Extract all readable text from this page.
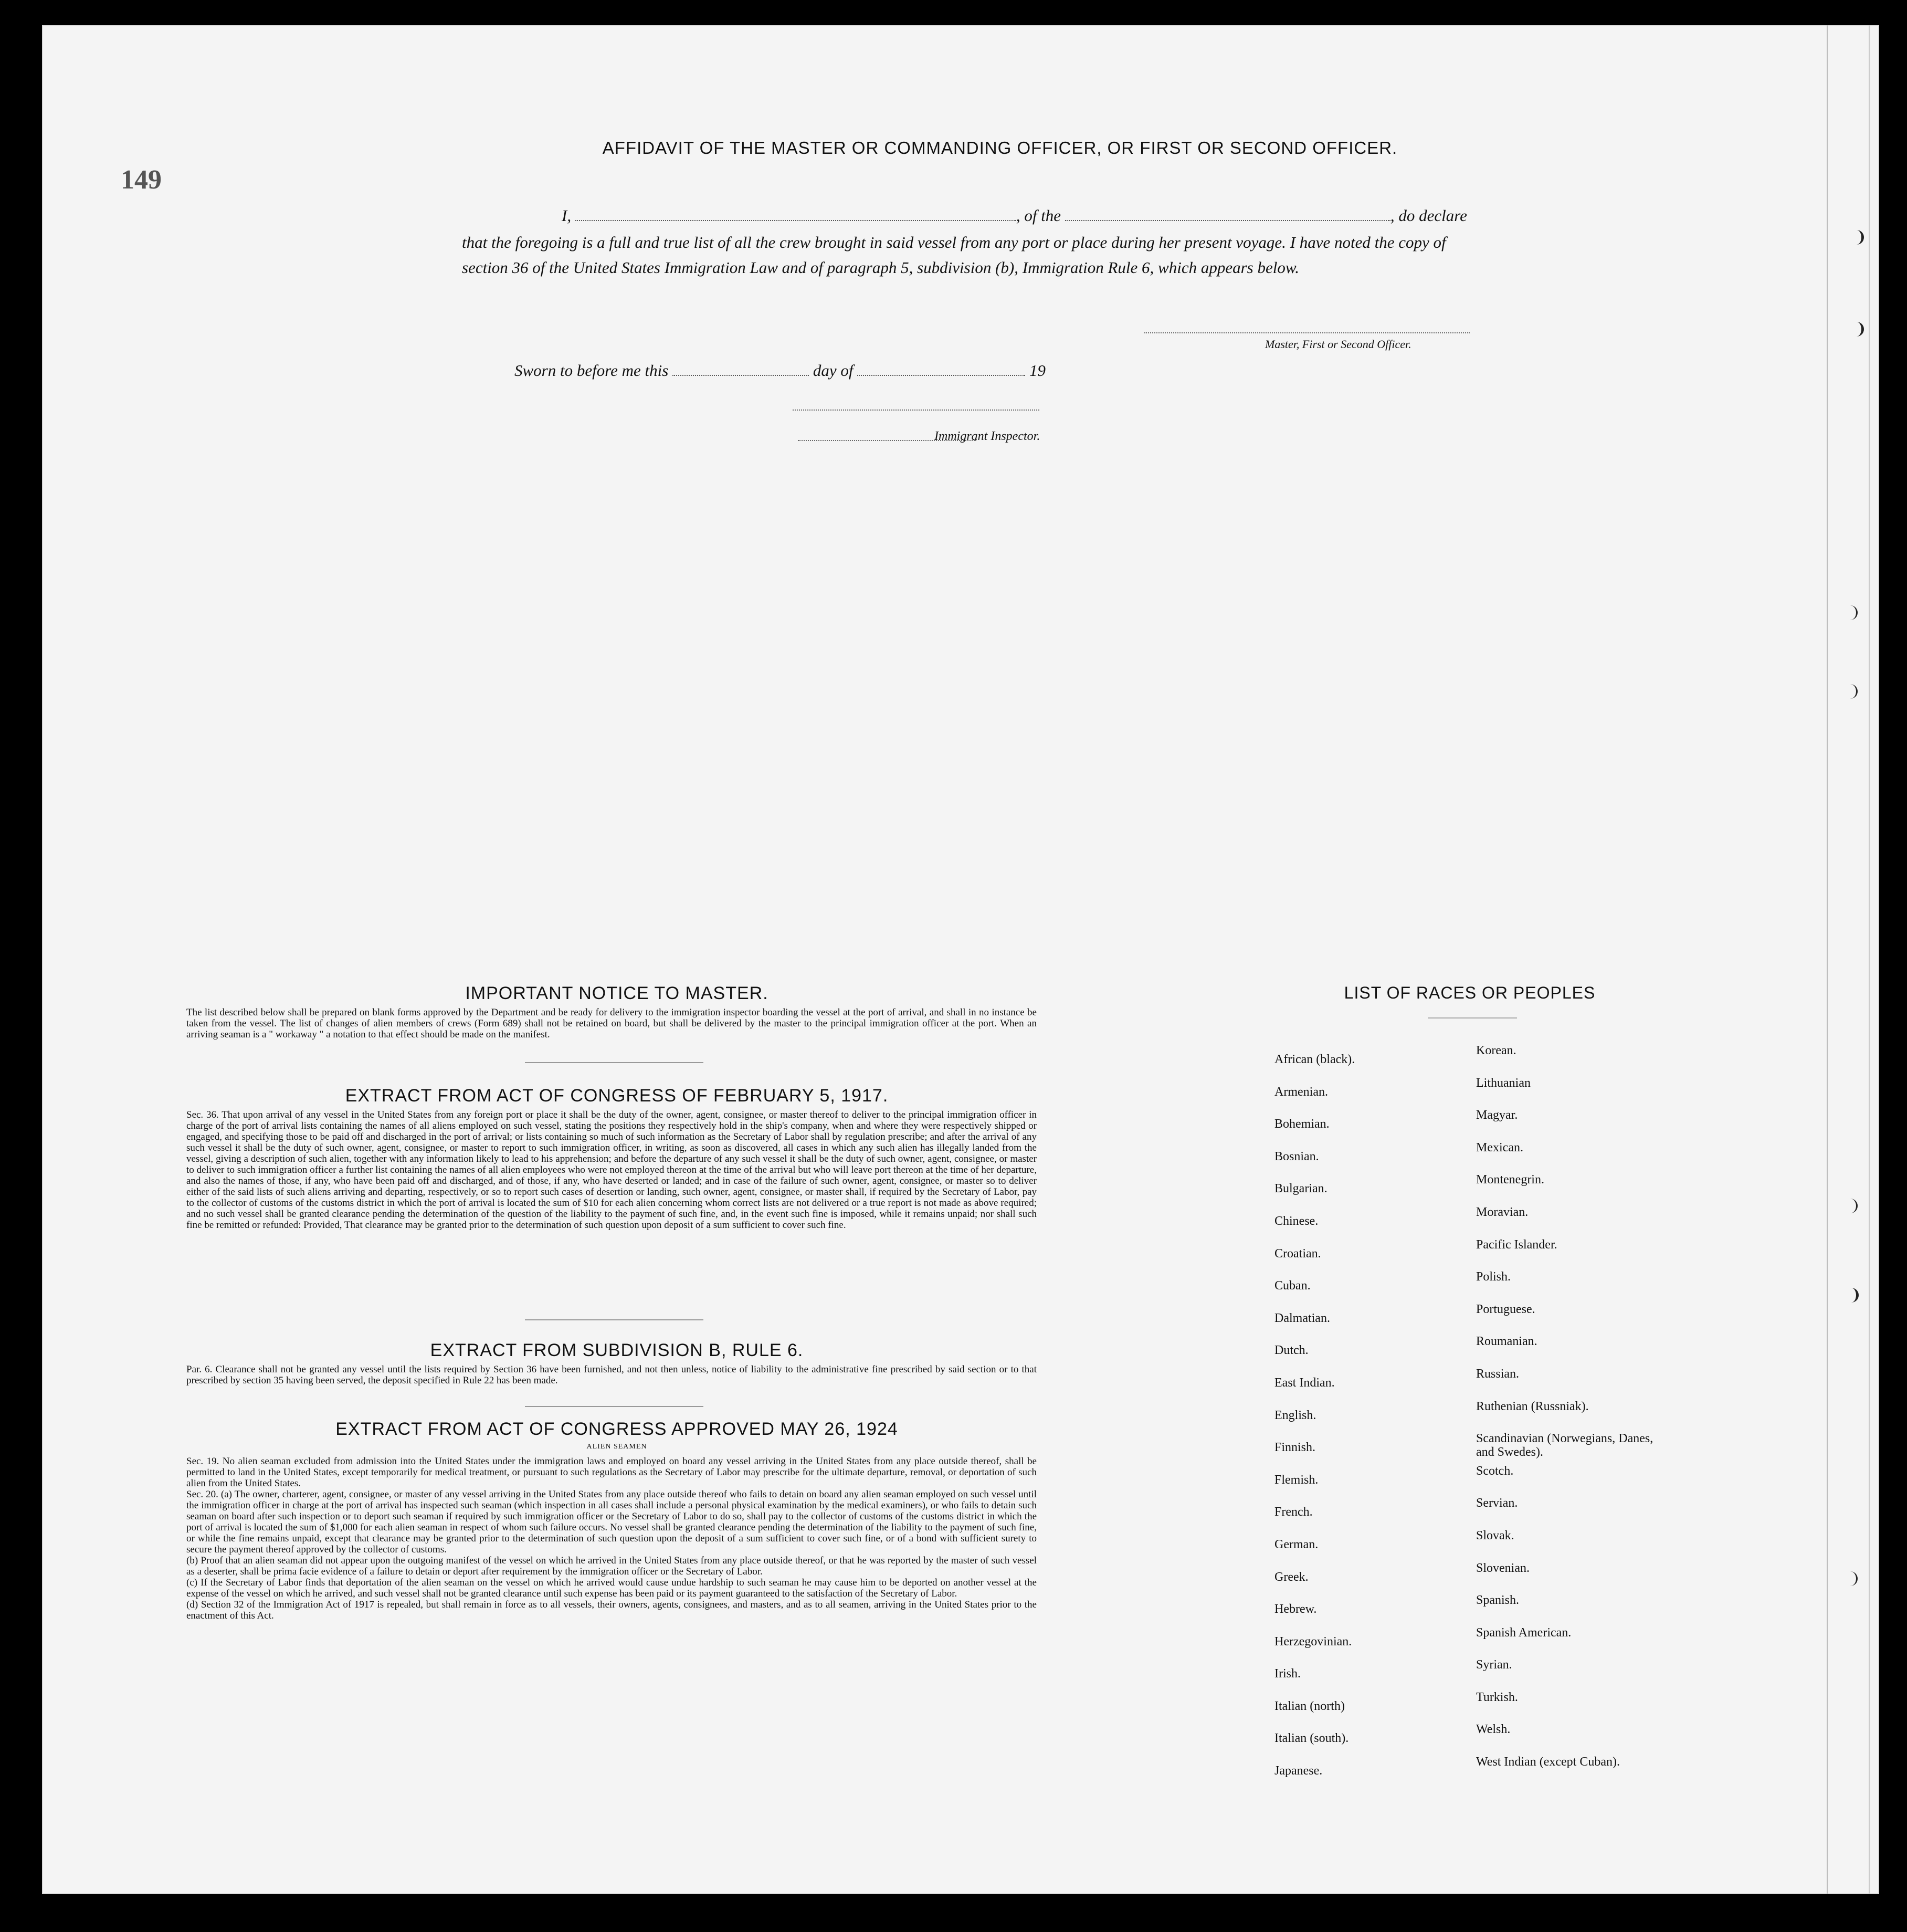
149
AFFIDAVIT OF THE MASTER OR COMMANDING OFFICER, OR FIRST OR SECOND OFFICER.
I,	, of the	, do declare
that the foregoing is a full and true list of all the crew brought in said vessel from any port or place during her present voyage. I have noted the copy of section 36 of the United States Immigration Law and of paragraph 5, subdivision (b), Immigration Rule 6, which appears below.
Master, First or Second Officer.
Sworn to before me this	day of	19
Immigrant Inspector.
IMPORTANT NOTICE TO MASTER.
The list described below shall be prepared on blank forms approved by the Department and be ready for delivery to the immigration inspector boarding the vessel at the port of arrival, and shall in no instance be taken from the vessel. The list of changes of alien members of crews (Form 689) shall not be retained on board, but shall be delivered by the master to the principal immigration officer at the port. When an arriving seaman is a " workaway " a notation to that effect should be made on the manifest.
EXTRACT FROM ACT OF CONGRESS OF FEBRUARY 5, 1917.
Sec. 36. That upon arrival of any vessel in the United States from any foreign port or place it shall be the duty of the owner, agent, consignee, or master thereof to deliver to the principal immigration officer in charge of the port of arrival lists containing the names of all aliens employed on such vessel, stating the positions they respectively hold in the ship's company, when and where they were respectively shipped or engaged, and specifying those to be paid off and discharged in the port of arrival; or lists containing so much of such information as the Secretary of Labor shall by regulation prescribe; and after the arrival of any such vessel it shall be the duty of such owner, agent, consignee, or master to report to such immigration officer, in writing, as soon as discovered, all cases in which any such alien has illegally landed from the vessel, giving a description of such alien, together with any information likely to lead to his apprehension; and before the departure of any such vessel it shall be the duty of such owner, agent, consignee, or master to deliver to such immigration officer a further list containing the names of all alien employees who were not employed thereon at the time of the arrival but who will leave port thereon at the time of her departure, and also the names of those, if any, who have been paid off and discharged, and of those, if any, who have deserted or landed; and in case of the failure of such owner, agent, consignee, or master so to deliver either of the said lists of such aliens arriving and departing, respectively, or so to report such cases of desertion or landing, such owner, agent, consignee, or master shall, if required by the Secretary of Labor, pay to the collector of customs of the customs district in which the port of arrival is located the sum of $10 for each alien concerning whom correct lists are not delivered or a true report is not made as above required; and no such vessel shall be granted clearance pending the determination of the question of the liability to the payment of such fine, and, in the event such fine is imposed, while it remains unpaid; nor shall such fine be remitted or refunded: Provided, That clearance may be granted prior to the determination of such question upon deposit of a sum sufficient to cover such fine.
EXTRACT FROM SUBDIVISION B, RULE 6.
Par. 6. Clearance shall not be granted any vessel until the lists required by Section 36 have been furnished, and not then unless, notice of liability to the administrative fine prescribed by said section or to that prescribed by section 35 having been served, the deposit specified in Rule 22 has been made.
EXTRACT FROM ACT OF CONGRESS APPROVED MAY 26, 1924
ALIEN SEAMEN
Sec. 19. No alien seaman excluded from admission into the United States under the immigration laws and employed on board any vessel arriving in the United States from any place outside thereof, shall be permitted to land in the United States, except temporarily for medical treatment, or pursuant to such regulations as the Secretary of Labor may prescribe for the ultimate departure, removal, or deportation of such alien from the United States.
Sec. 20. (a) The owner, charterer, agent, consignee, or master of any vessel arriving in the United States from any place outside thereof who fails to detain on board any alien seaman employed on such vessel until the immigration officer in charge at the port of arrival has inspected such seaman (which inspection in all cases shall include a personal physical examination by the medical examiners), or who fails to detain such seaman on board after such inspection or to deport such seaman if required by such immigration officer or the Secretary of Labor to do so, shall pay to the collector of customs of the customs district in which the port of arrival is located the sum of $1,000 for each alien seaman in respect of whom such failure occurs. No vessel shall be granted clearance pending the determination of the liability to the payment of such fine, or while the fine remains unpaid, except that clearance may be granted prior to the determination of such question upon the deposit of a sum sufficient to cover such fine, or of a bond with sufficient surety to secure the payment thereof approved by the collector of customs.
(b) Proof that an alien seaman did not appear upon the outgoing manifest of the vessel on which he arrived in the United States from any place outside thereof, or that he was reported by the master of such vessel as a deserter, shall be prima facie evidence of a failure to detain or deport after requirement by the immigration officer or the Secretary of Labor.
(c) If the Secretary of Labor finds that deportation of the alien seaman on the vessel on which he arrived would cause undue hardship to such seaman he may cause him to be deported on another vessel at the expense of the vessel on which he arrived, and such vessel shall not be granted clearance until such expense has been paid or its payment guaranteed to the satisfaction of the Secretary of Labor.
(d) Section 32 of the Immigration Act of 1917 is repealed, but shall remain in force as to all vessels, their owners, agents, consignees, and masters, and as to all seamen, arriving in the United States prior to the enactment of this Act.
LIST OF RACES OR PEOPLES
African (black).
Armenian.
Bohemian.
Bosnian.
Bulgarian.
Chinese.
Croatian.
Cuban.
Dalmatian.
Dutch.
East Indian.
English.
Finnish.
Flemish.
French.
German.
Greek.
Hebrew.
Herzegovinian.
Irish.
Italian (north)
Italian (south).
Japanese.
Korean.
Lithuanian
Magyar.
Mexican.
Montenegrin.
Moravian.
Pacific Islander.
Polish.
Portuguese.
Roumanian.
Russian.
Ruthenian (Russniak).
Scandinavian (Norwegians, Danes, and Swedes).
Scotch.
Servian.
Slovak.
Slovenian.
Spanish.
Spanish American.
Syrian.
Turkish.
Welsh.
West Indian (except Cuban).
